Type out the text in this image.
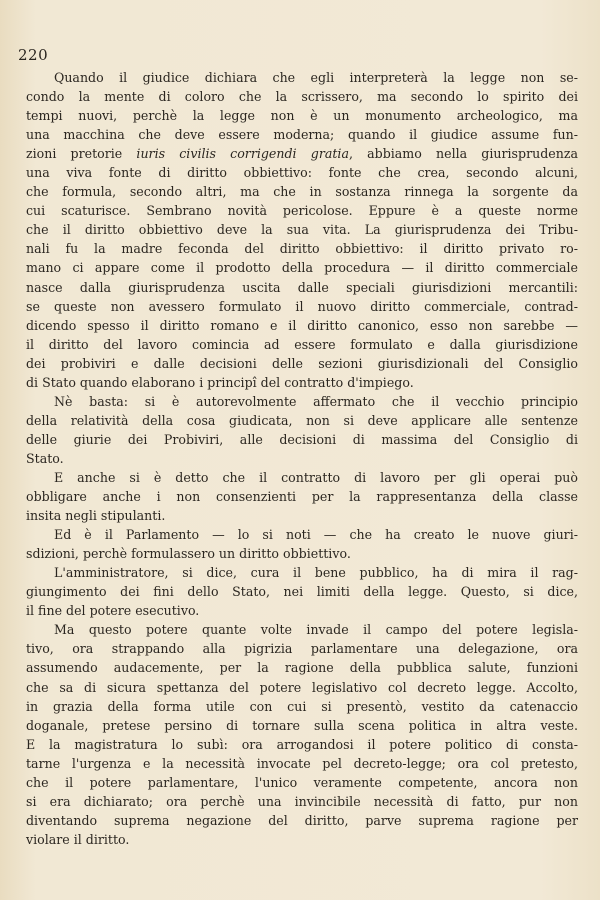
220
Quando il giudice dichiara che egli interpreterà la legge non se-
condo la mente di coloro che la scrissero, ma secondo lo spirito dei
tempi nuovi, perchè la legge non è un monumento archeologico, ma
una macchina che deve essere moderna; quando il giudice assume fun-
zioni pretorie iuris civilis corrigendi gratia, abbiamo nella giurisprudenza
una viva fonte di diritto obbiettivo: fonte che crea, secondo alcuni,
che formula, secondo altri, ma che in sostanza rinnega la sorgente da
cui scaturisce. Sembrano novità pericolose. Eppure è a queste norme
che il diritto obbiettivo deve la sua vita. La giurisprudenza dei Tribu-
nali fu la madre feconda del diritto obbiettivo: il diritto privato ro-
mano ci appare come il prodotto della procedura — il diritto commerciale
nasce dalla giurisprudenza uscita dalle speciali giurisdizioni mercantili:
se queste non avessero formulato il nuovo diritto commerciale, contrad-
dicendo spesso il diritto romano e il diritto canonico, esso non sarebbe —
il diritto del lavoro comincia ad essere formulato e dalla giurisdizione
dei probiviri e dalle decisioni delle sezioni giurisdizionali del Consiglio
di Stato quando elaborano i principî del contratto d'impiego.
Nè basta: si è autorevolmente affermato che il vecchio principio
della relatività della cosa giudicata, non si deve applicare alle sentenze
delle giurie dei Probiviri, alle decisioni di massima del Consiglio di
Stato.
E anche si è detto che il contratto di lavoro per gli operai può
obbligare anche i non consenzienti per la rappresentanza della classe
insita negli stipulanti.
Ed è il Parlamento — lo si noti — che ha creato le nuove giuri-
sdizioni, perchè formulassero un diritto obbiettivo.
L'amministratore, si dice, cura il bene pubblico, ha di mira il rag-
giungimento dei fini dello Stato, nei limiti della legge. Questo, si dice,
il fine del potere esecutivo.
Ma questo potere quante volte invade il campo del potere legisla-
tivo, ora strappando alla pigrizia parlamentare una delegazione, ora
assumendo audacemente, per la ragione della pubblica salute, funzioni
che sa di sicura spettanza del potere legislativo col decreto legge. Accolto,
in grazia della forma utile con cui si presentò, vestito da catenaccio
doganale, pretese persino di tornare sulla scena politica in altra veste.
E la magistratura lo subì: ora arrogandosi il potere politico di consta-
tarne l'urgenza e la necessità invocate pel decreto-legge; ora col pretesto,
che il potere parlamentare, l'unico veramente competente, ancora non
si era dichiarato; ora perchè una invincibile necessità di fatto, pur non
diventando suprema negazione del diritto, parve suprema ragione per
violare il diritto.
